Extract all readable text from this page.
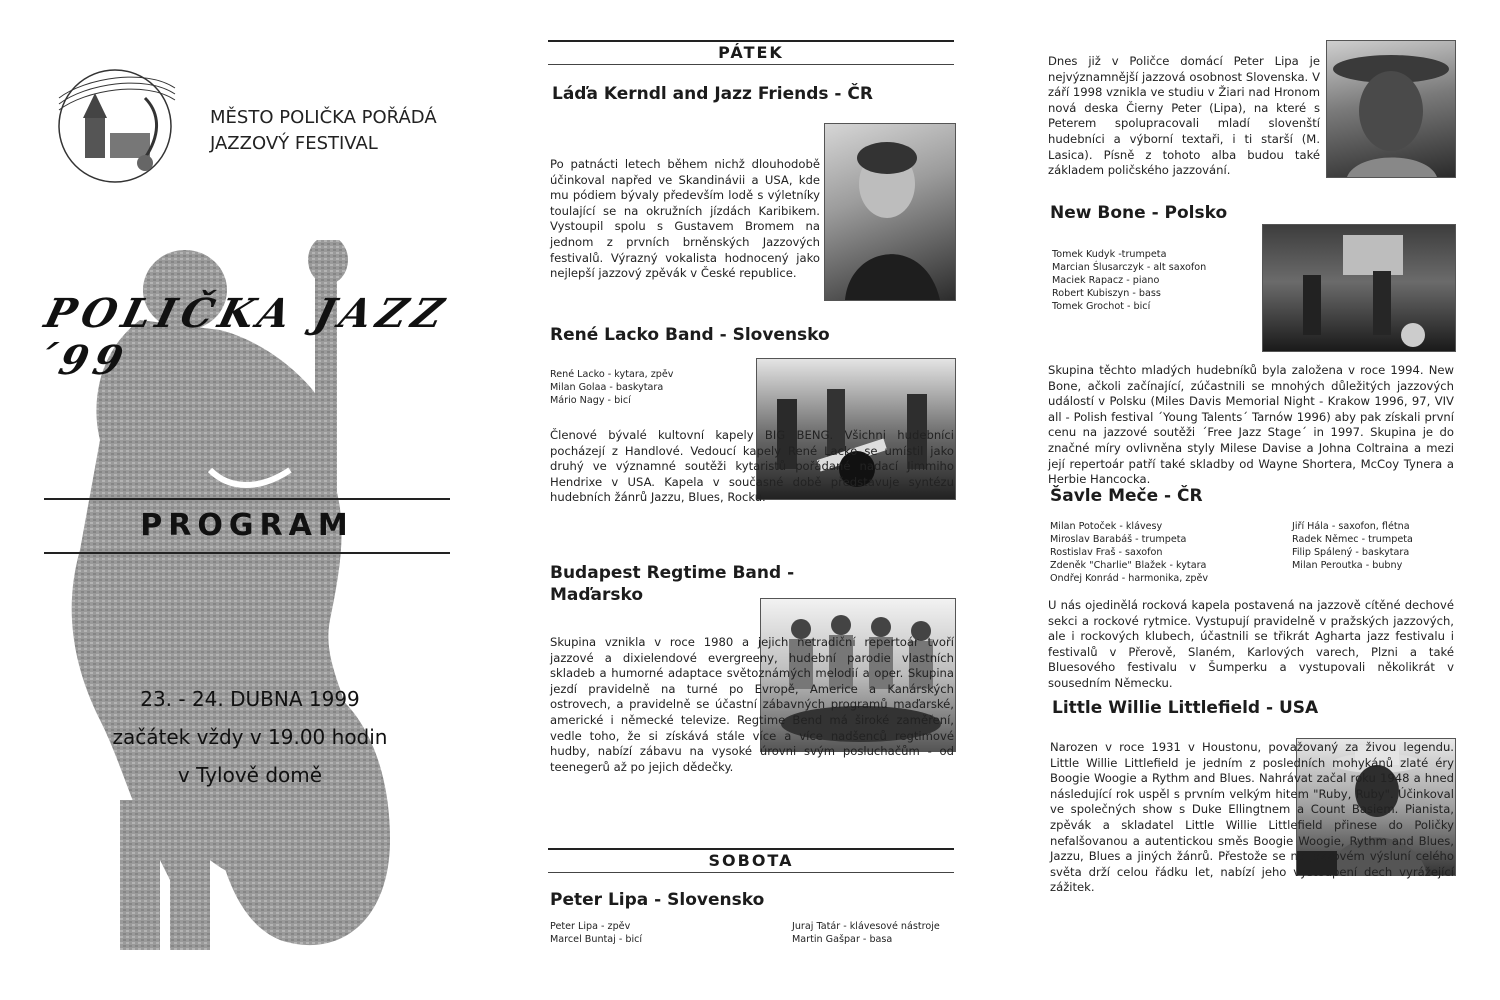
MĚSTO POLIČKA POŘÁDÁ
JAZZOVÝ FESTIVAL
POLIČKA JAZZ ´99
PROGRAM
23. - 24. DUBNA 1999
začátek vždy v 19.00 hodin
v Tylově domě
PÁTEK
Láďa Kerndl and Jazz Friends - ČR

Po patnácti letech během nichž dlouhodobě účinkoval napřed ve Skandinávii a USA, kde mu pódiem bývaly především lodě s výletníky toulající se na okružních jízdách Karibikem. Vystoupil spolu s Gustavem Bromem na jednom z prvních brněnských Jazzových festivalů. Výrazný vokalista hodnocený jako nejlepší jazzový zpěvák v České republice.

René Lacko Band - Slovensko
René Lacko - kytara, zpěv
Milan Golaa - baskytara
Mário Nagy - bicí

Členové bývalé kultovní kapely BIG BENG. Všichni hudebníci pocházejí z Handlové. Vedoucí kapely René Lacko se umístil jako druhý ve významné soutěži kytaristů pořádané nadací Jimmiho Hendrixe v USA. Kapela v současné době představuje syntézu hudebních žánrů Jazzu, Blues, Rocku.

Budapest Regtime Band -
Maďarsko

Skupina vznikla v roce 1980 a jejich netradiční repertoár tvoří jazzové a dixielendové evergreeny, hudební parodie vlastních skladeb a humorné adaptace světoznámých melodií a oper. Skupina jezdí pravidelně na turné po Evropě, Americe a Kanárských ostrovech, a pravidelně se účastní zábavných programů maďarské, americké i německé televize. Regtime Bend má široké zaměření, vedle toho, že si získává stále více a více nadšenců regtimové hudby, nabízí zábavu na vysoké úrovni svým posluchačům - od teenegerů až po jejich dědečky.

SOBOTA
Peter Lipa - Slovensko
Peter Lipa - zpěv
Marcel Buntaj - bicí
Juraj Tatár - klávesové nástroje
Martin Gašpar - basa

Dnes již v Poličce domácí Peter Lipa je nejvýznamnější jazzová osobnost Slovenska. V září 1998 vznikla ve studiu v Žiari nad Hronom nová deska Čierny Peter (Lipa), na které s Peterem spolupracovali mladí slovenští hudebníci a výborní textaři, i ti starší (M. Lasica). Písně z tohoto alba budou také základem poličského jazzování.

New Bone - Polsko
Tomek Kudyk -trumpeta
Marcian Ślusarczyk - alt saxofon
Maciek Rapacz - piano
Robert Kubiszyn - bass
Tomek Grochot - bicí

Skupina těchto mladých hudebníků byla založena v roce 1994. New Bone, ačkoli začínající, zúčastnili se mnohých důležitých jazzových událostí v Polsku (Miles Davis Memorial Night - Krakow 1996, 97, VIV all - Polish festival ´Young Talents´ Tarnów 1996) aby pak získali první cenu na jazzové soutěži ´Free Jazz Stage´ in 1997. Skupina je do značné míry ovlivněna styly Milese Davise a Johna Coltraina a mezi její repertoár patří také skladby od Wayne Shortera, McCoy Tynera a Herbie Hancocka.

Šavle Meče - ČR
Milan Potoček - klávesy
Miroslav Barabáš - trumpeta
Rostislav Fraš - saxofon
Zdeněk "Charlie" Blažek - kytara
Ondřej Konrád - harmonika, zpěv
Jiří Hála - saxofon, flétna
Radek Němec - trumpeta
Filip Spálený - baskytara
Milan Peroutka - bubny

U nás ojedinělá rocková kapela postavená na jazzově cítěné dechové sekci a rockové rytmice. Vystupují pravidelně v pražských jazzových, ale i rockových klubech, účastnili se třikrát Agharta jazz festivalu i festivalů v Přerově, Slaném, Karlových varech, Plzni a také Bluesového festivalu v Šumperku a vystupovali několikrát v sousedním Německu.

Little Willie Littlefield - USA

Narozen v roce 1931 v Houstonu, považovaný za živou legendu. Little Willie Littlefield je jedním z posledních mohykánů zlaté éry Boogie Woogie a Rythm and Blues. Nahrávat začal roku 1948 a hned následující rok uspěl s prvním velkým hitem "Ruby, Ruby". Účinkoval ve společných show s Duke Ellingtnem a Count Basiem. Pianista, zpěvák a skladatel Little Willie Littlefield přinese do Poličky nefalšovanou a autentickou směs Boogie Woogie, Rythm and Blues, Jazzu, Blues a jiných žánrů. Přestože se na jazzovém výsluní celého světa drží celou řádku let, nabízí jeho vystoupení dech vyrážející zážitek.
